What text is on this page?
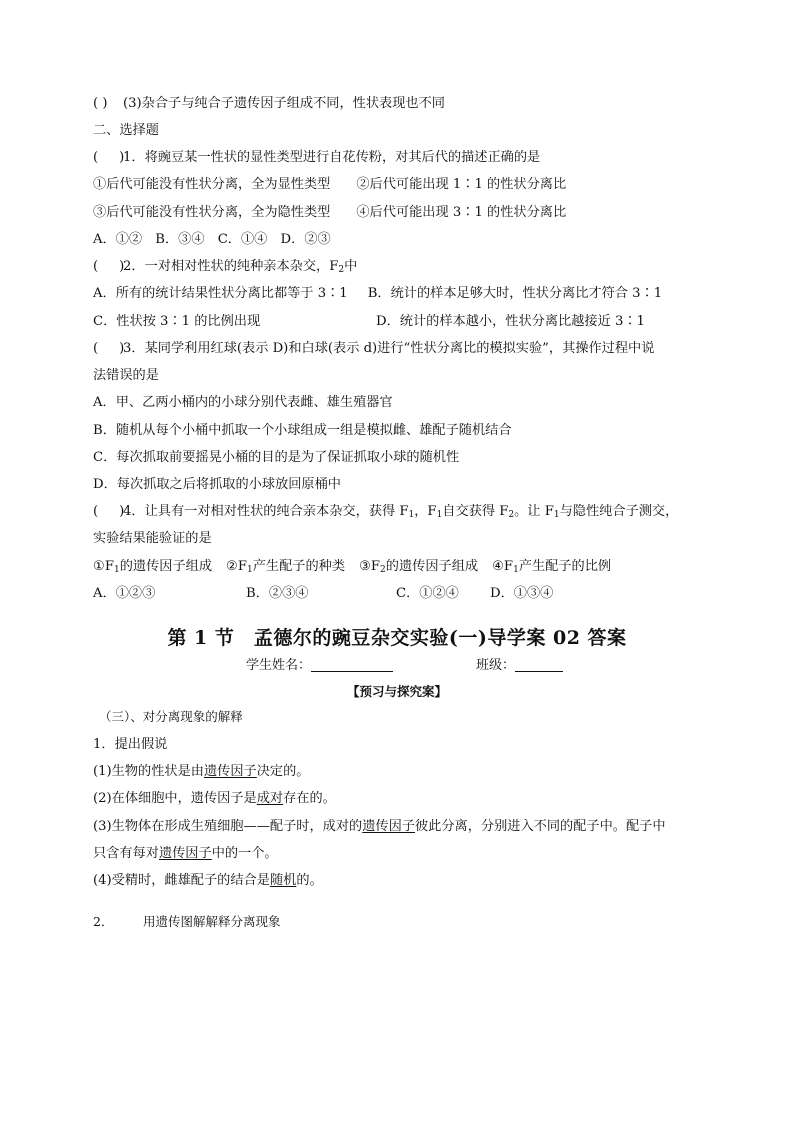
( ) (3)杂合子与纯合子遗传因子组成不同，性状表现也不同
二、选择题
(     )1．将豌豆某一性状的显性类型进行自花传粉，对其后代的描述正确的是
①后代可能没有性状分离，全为显性类型 ②后代可能出现 1∶1 的性状分离比
③后代可能没有性状分离，全为隐性类型 ④后代可能出现 3∶1 的性状分离比
A．①②　B．③④　C．①④　D．②③
(     )2．一对相对性状的纯种亲本杂交，$F_2$中
A．所有的统计结果性状分离比都等于 3∶1 B．统计的样本足够大时，性状分离比才符合 3∶1
C．性状按 3∶1 的比例出现	D．统计的样本越小，性状分离比越接近 3∶1
(     )3．某同学利用红球(表示 D)和白球(表示 d)进行“性状分离比的模拟实验”，其操作过程中说
法错误的是
A．甲、乙两小桶内的小球分别代表雌、雄生殖器官
B．随机从每个小桶中抓取一个小球组成一组是模拟雌、雄配子随机结合
C．每次抓取前要摇晃小桶的目的是为了保证抓取小球的随机性
D．每次抓取之后将抓取的小球放回原桶中
(     )4．让具有一对相对性状的纯合亲本杂交，获得 $F_1$，$F_1$自交获得 $F_2$。让 $F_1$与隐性纯合子测交，
实验结果能验证的是
$①F_1$的遗传因子组成 $②F_1$产生配子的种类 $③F_2$的遗传因子组成 $④F_1$产生配子的比例
A．①②③	B．②③④	C．①②④ D．①③④
第 1 节　孟德尔的豌豆杂交实验(一)导学案 02 答案
学生姓名：	班级：
【预习与探究案】
（三）、对分离现象的解释
1．提出假说
(1)生物的性状是由遗传因子决定的。
(2)在体细胞中，遗传因子是成对存在的。
(3)生物体在形成生殖细胞——配子时，成对的遗传因子彼此分离，分别进入不同的配子中。配子中
只含有每对遗传因子中的一个。
(4)受精时，雌雄配子的结合是随机的。
2． 用遗传图解解释分离现象
